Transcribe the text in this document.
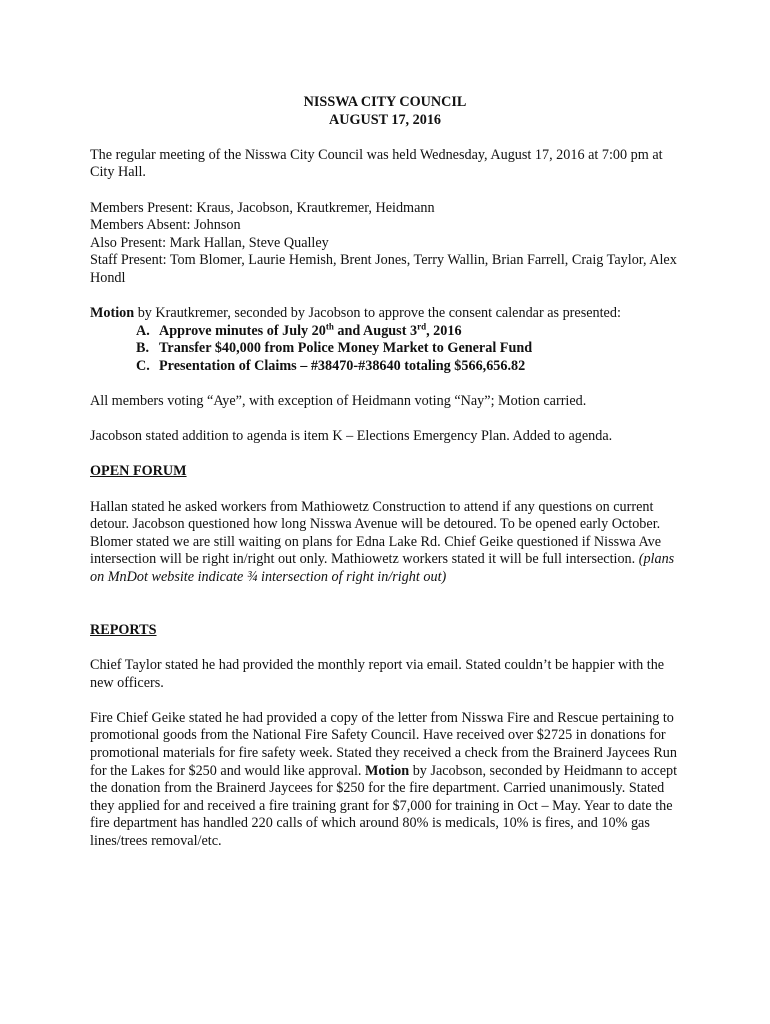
NISSWA CITY COUNCIL

AUGUST 17, 2016

The regular meeting of the Nisswa City Council was held Wednesday, August 17, 2016 at 7:00 pm at City Hall.

Members Present: Kraus, Jacobson, Krautkremer, Heidmann

Members Absent: Johnson

Also Present: Mark Hallan, Steve Qualley

Staff Present: Tom Blomer, Laurie Hemish, Brent Jones, Terry Wallin, Brian Farrell, Craig Taylor, Alex Hondl

Motion by Krautkremer, seconded by Jacobson to approve the consent calendar as presented:

A. Approve minutes of July 20th and August 3rd, 2016
B. Transfer $40,000 from Police Money Market to General Fund
C. Presentation of Claims – #38470-#38640 totaling $566,656.82

All members voting “Aye”, with exception of Heidmann voting “Nay”; Motion carried.

Jacobson stated addition to agenda is item K – Elections Emergency Plan. Added to agenda.

OPEN FORUM

Hallan stated he asked workers from Mathiowetz Construction to attend if any questions on current detour. Jacobson questioned how long Nisswa Avenue will be detoured. To be opened early October. Blomer stated we are still waiting on plans for Edna Lake Rd. Chief Geike questioned if Nisswa Ave intersection will be right in/right out only. Mathiowetz workers stated it will be full intersection. (plans on MnDot website indicate ¾ intersection of right in/right out)

REPORTS

Chief Taylor stated he had provided the monthly report via email. Stated couldn’t be happier with the new officers.

Fire Chief Geike stated he had provided a copy of the letter from Nisswa Fire and Rescue pertaining to promotional goods from the National Fire Safety Council. Have received over $2725 in donations for promotional materials for fire safety week. Stated they received a check from the Brainerd Jaycees Run for the Lakes for $250 and would like approval. Motion by Jacobson, seconded by Heidmann to accept the donation from the Brainerd Jaycees for $250 for the fire department. Carried unanimously. Stated they applied for and received a fire training grant for $7,000 for training in Oct – May. Year to date the fire department has handled 220 calls of which around 80% is medicals, 10% is fires, and 10% gas lines/trees removal/etc.
